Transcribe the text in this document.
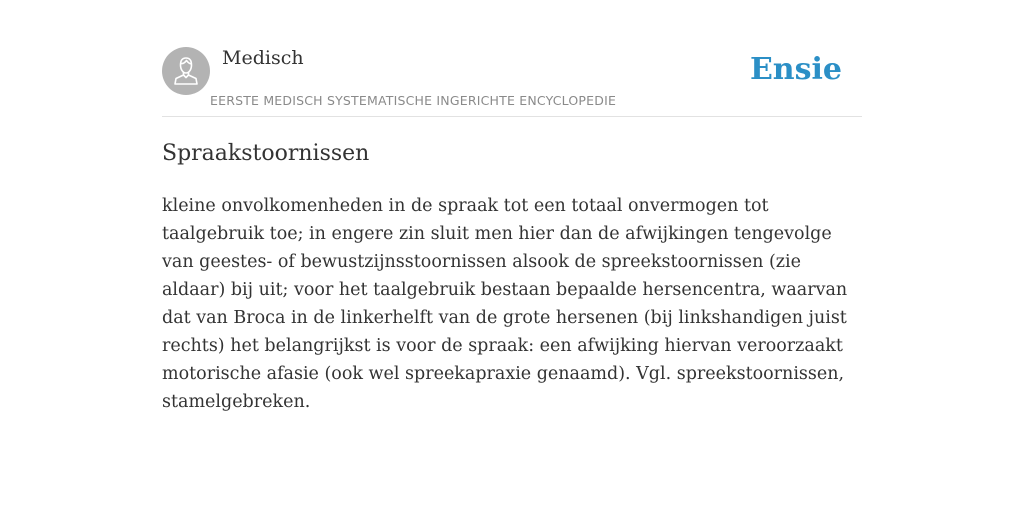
Medisch
EERSTE MEDISCH SYSTEMATISCHE INGERICHTE ENCYCLOPEDIE
Ensie
Spraakstoornissen

kleine onvolkomenheden in de spraak tot een totaal onvermogen tot taalgebruik toe; in engere zin sluit men hier dan de afwijkingen tengevolge van geestes- of bewustzijnsstoornissen alsook de spreekstoornissen (zie aldaar) bij uit; voor het taalgebruik bestaan bepaalde hersencentra, waarvan dat van Broca in de linkerhelft van de grote hersenen (bij linkshandigen juist rechts) het belangrijkst is voor de spraak: een afwijking hiervan veroorzaakt motorische afasie (ook wel spreekapraxie genaamd). Vgl. spreekstoornissen, stamelgebreken.
